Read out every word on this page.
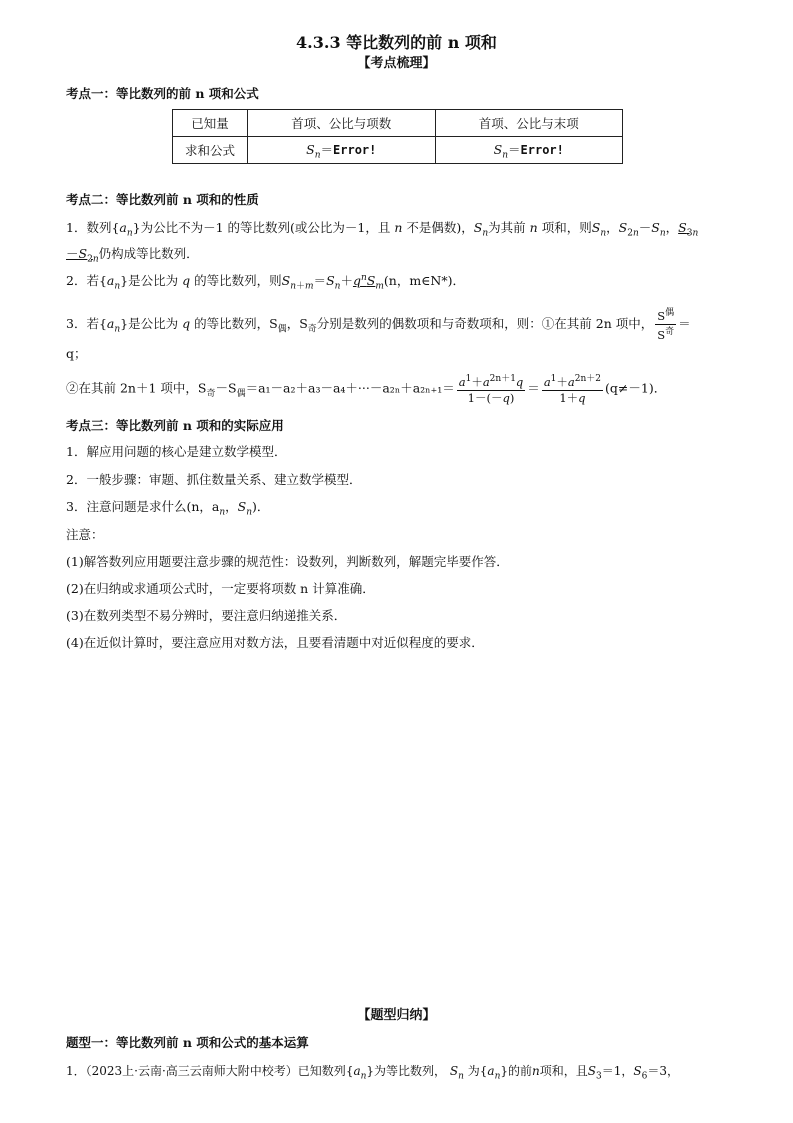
4.3.3 等比数列的前 n 项和
【考点梳理】
考点一：等比数列的前 n 项和公式
已知量	首项、公比与项数	首项、公比与末项
求和公式	$S_n=Error$!	$S_n=Error$!
考点二：等比数列前 n 项和的性质
1．数列$\{a_n\}$为公比不为－1 的等比数列(或公比为－1，且 n 不是偶数)，$S_n$为其前 n 项和，则$S_n$，$S_{2n}-S_n$，$S_{3n}$
$-S_{2n}$仍构成等比数列．
2．若$\{a_n\}$是公比为 q 的等比数列，则$S_{n+m}=S_n+q^nS_m(n$，m∈N*)．
3．若$\{a_n\}$是公比为 q 的等比数列，$S_偶$，$S_奇$分别是数列的偶数项和与奇数项和，则：①在其前 2n 项中， $\frac{S^偶}{S^奇}$ ＝
q；
②在其前 2n＋1 项中，$S_奇-S_偶=a_1-a_2+a_3-a_4+\cdot\cdot\cdot-a_{2n}+a_{2n+1}= \frac{a^1+a^{2n+1}q}{1-(-q)} = \frac{a^1+a^{2n+2}}{1+q} (q\ne-1)$．
考点三：等比数列前 n 项和的实际应用
1．解应用问题的核心是建立数学模型．
2．一般步骤：审题、抓住数量关系、建立数学模型．
3．注意问题是求什么(n，$a_n$，$S_n$)．
注意：
(1)解答数列应用题要注意步骤的规范性：设数列，判断数列，解题完毕要作答．
(2)在归纳或求通项公式时，一定要将项数 n 计算准确．
(3)在数列类型不易分辨时，要注意归纳递推关系．
(4)在近似计算时，要注意应用对数方法，且要看清题中对近似程度的要求．
【题型归纳】
题型一：等比数列前 n 项和公式的基本运算
1．（2023上·云南·高三云南师大附中校考）已知数列$\{a_n\}$为等比数列， $S_n$ 为$\{a_n\}$的前n项和，且$S_3=1$，$S_6=3$，
